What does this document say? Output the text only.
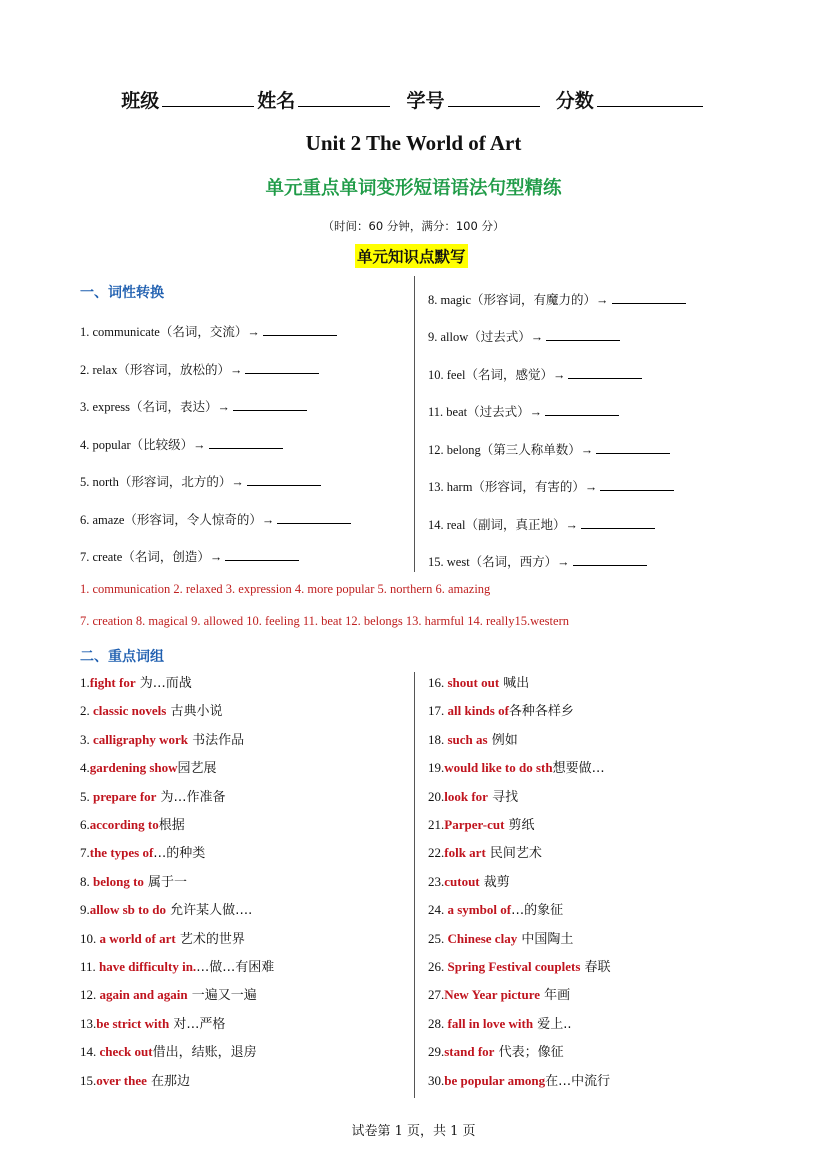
班级	姓名	学号	分数
Unit 2 The World of Art
单元重点单词变形短语语法句型精练
（时间：60 分钟，满分：100 分）
单元知识点默写
一、词性转换
1. communicate（名词，交流）→
2. relax（形容词，放松的）→
3. express（名词，表达）→
4. popular（比较级）→
5. north（形容词，北方的）→
6. amaze（形容词，令人惊奇的）→
7. create（名词，创造）→
8. magic（形容词，有魔力的）→
9. allow（过去式）→
10. feel（名词，感觉）→
11. beat（过去式）→
12. belong（第三人称单数）→
13. harm（形容词，有害的）→
14. real（副词，真正地）→
15. west（名词，西方）→
1. communication 2. relaxed 3. expression 4. more popular 5. northern 6. amazing
7. creation 8. magical 9. allowed 10. feeling 11. beat 12. belongs 13. harmful 14. really15.western
二、重点词组
1.fight for 为…而战
2. classic novels 古典小说
3. calligraphy work 书法作品
4.gardening show园艺展
5. prepare for 为…作准备
6.according to根据
7.the types of…的种类
8. belong to 属于一
9.allow sb to do 允许某人做….
10. a world of art 艺术的世界
11. have difficulty in.…做…有困难
12. again and again 一遍又一遍
13.be strict with 对…严格
14. check out借出，结账，退房
15.over thee 在那边
16. shout out 喊出
17. all kinds of各种各样乡
18. such as 例如
19.would like to do sth想要做…
20.look for 寻找
21.Parper-cut 剪纸
22.folk art 民间艺术
23.cutout 裁剪
24. a symbol of…的象征
25. Chinese clay 中国陶土
26. Spring Festival couplets 春联
27.New Year picture 年画
28. fall in love with 爱上..
29.stand for 代表；像征
30.be popular among在…中流行
试卷第 1 页，共 1 页
